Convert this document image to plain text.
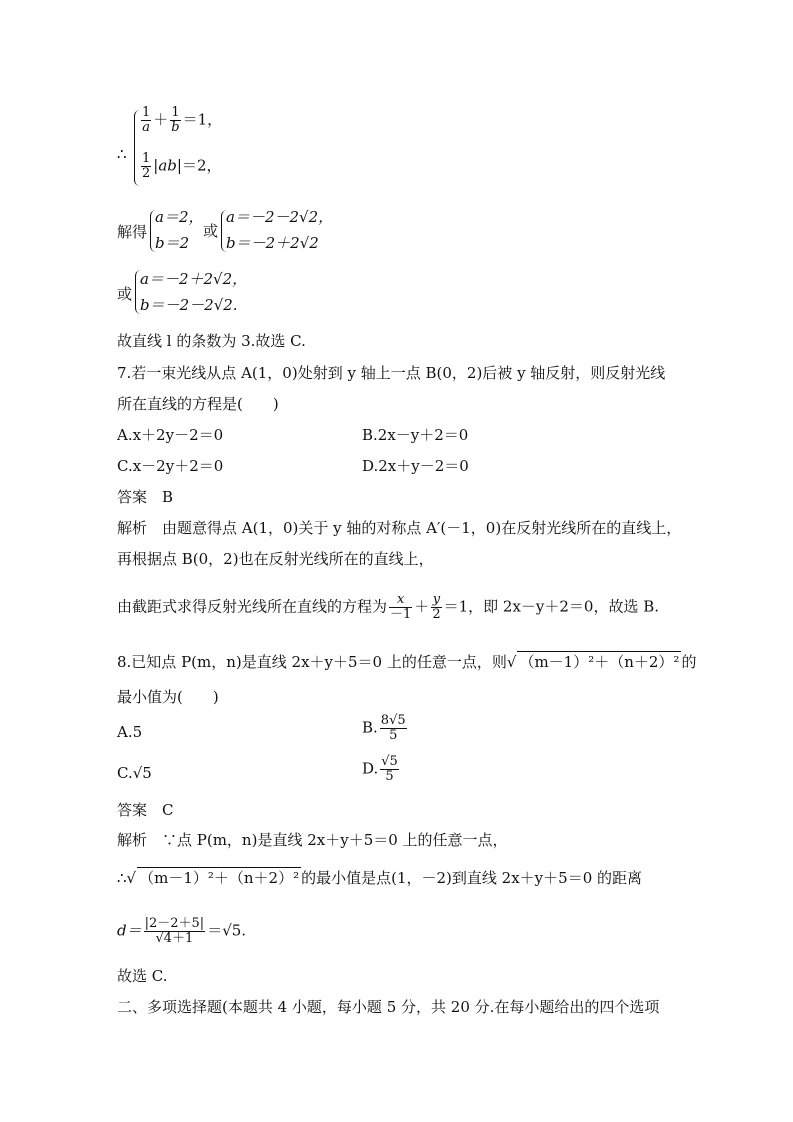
∴
$\frac{1}{a} + \frac{1}{b} =1$，
$\frac{1}{2} |ab|=2$，
解得
a＝2，
b＝2
或
a＝－2－2√2，
b＝－2＋2√2
或
a＝－2＋2√2，
b＝－2－2√2.
故直线 l 的条数为 3.故选 C.
7.若一束光线从点 A(1，0)处射到 y 轴上一点 B(0，2)后被 y 轴反射，则反射光线
所在直线的方程是(　　)
A.x＋2y－2＝0	B.2x－y＋2＝0
C.x－2y＋2＝0	D.2x＋y－2＝0
答案　B
解析　由题意得点 A(1，0)关于 y 轴的对称点 A′(－1，0)在反射光线所在的直线上，
再根据点 B(0，2)也在反射光线所在的直线上，
由截距式求得反射光线所在直线的方程为 $\frac{x}{-1} + \frac{y}{2} =1$，即 2x－y＋2＝0，故选 B.
8.已知点 P(m，n)是直线 2x＋y＋5＝0 上的任意一点，则√ （m－1）²＋（n＋2）² 的
最小值为(　　)
A.5	B. $\frac{8√5}{5}$
C.√5	D. $\frac{√5}{5}$
答案　C
解析　∵点 P(m，n)是直线 2x＋y＋5＝0 上的任意一点，
∴√ （m－1）²＋（n＋2）² 的最小值是点(1，－2)到直线 2x＋y＋5＝0 的距离
$d= \frac{|2-2+5|}{√4+1} =√5$.
故选 C.
二、多项选择题(本题共 4 小题，每小题 5 分，共 20 分.在每小题给出的四个选项
